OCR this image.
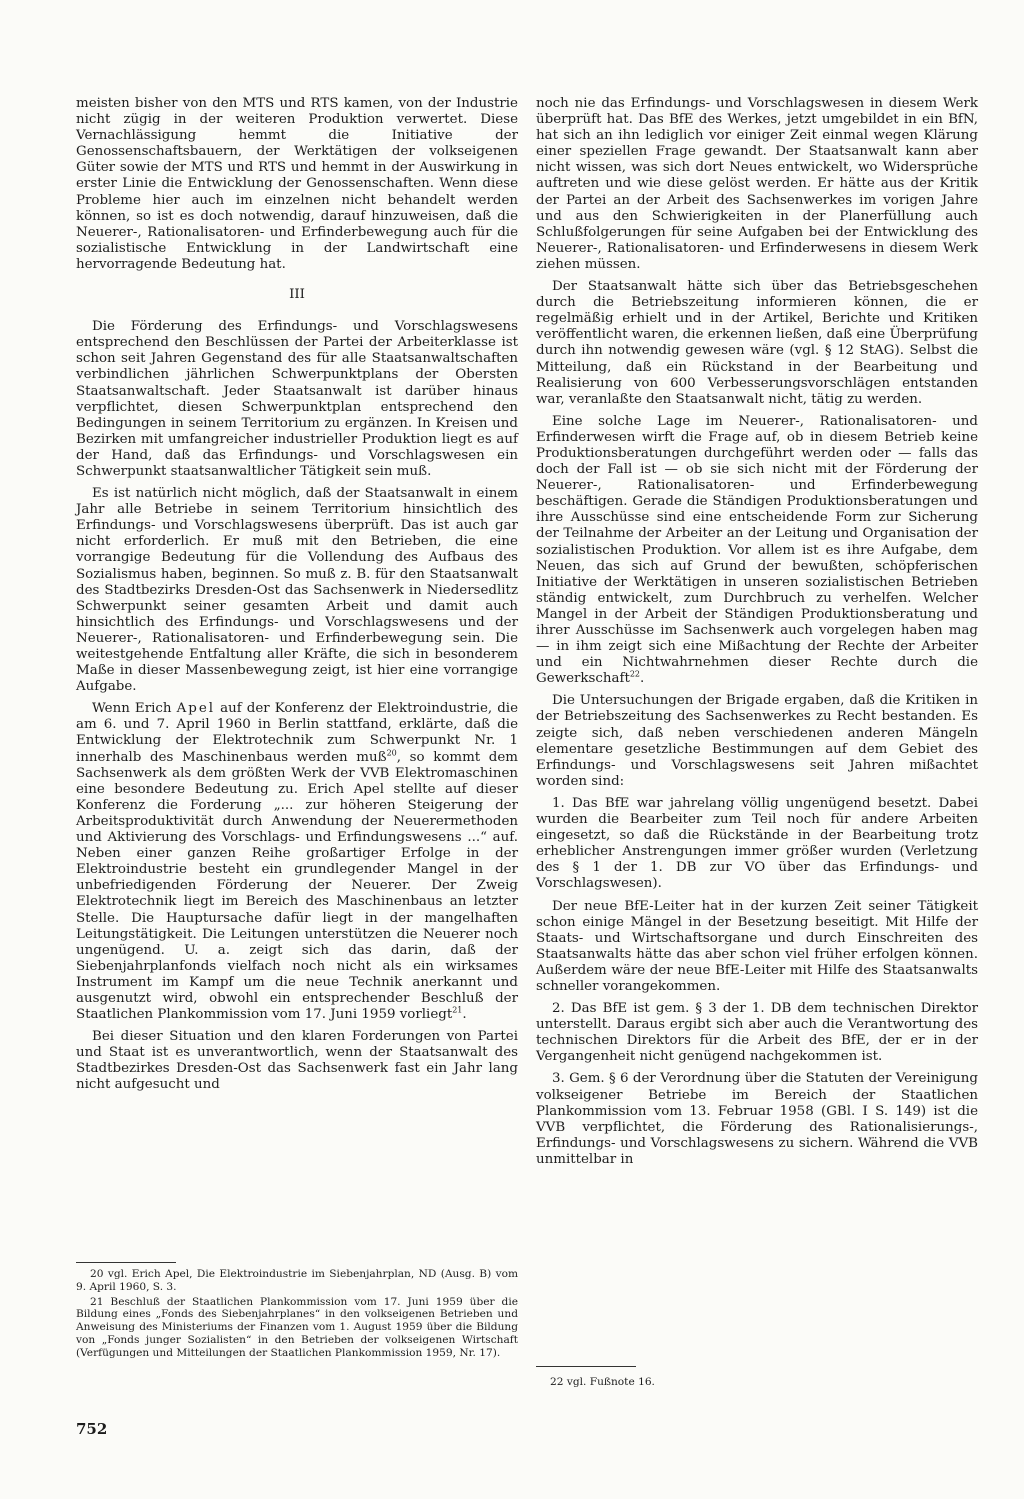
meisten bisher von den MTS und RTS kamen, von der Industrie nicht zügig in der weiteren Produktion verwertet. Diese Vernachlässigung hemmt die Initiative der Genossenschaftsbauern, der Werktätigen der volkseigenen Güter sowie der MTS und RTS und hemmt in der Auswirkung in erster Linie die Entwicklung der Genossenschaften. Wenn diese Probleme hier auch im einzelnen nicht behandelt werden können, so ist es doch notwendig, darauf hinzuweisen, daß die Neuerer-, Rationalisatoren- und Erfinderbewegung auch für die sozialistische Entwicklung in der Landwirtschaft eine hervorragende Bedeutung hat.

III

Die Förderung des Erfindungs- und Vorschlagswesens entsprechend den Beschlüssen der Partei der Arbeiterklasse ist schon seit Jahren Gegenstand des für alle Staatsanwaltschaften verbindlichen jährlichen Schwerpunktplans der Obersten Staatsanwaltschaft. Jeder Staatsanwalt ist darüber hinaus verpflichtet, diesen Schwerpunktplan entsprechend den Bedingungen in seinem Territorium zu ergänzen. In Kreisen und Bezirken mit umfangreicher industrieller Produktion liegt es auf der Hand, daß das Erfindungs- und Vorschlagswesen ein Schwerpunkt staatsanwaltlicher Tätigkeit sein muß.

Es ist natürlich nicht möglich, daß der Staatsanwalt in einem Jahr alle Betriebe in seinem Territorium hinsichtlich des Erfindungs- und Vorschlagswesens überprüft. Das ist auch gar nicht erforderlich. Er muß mit den Betrieben, die eine vorrangige Bedeutung für die Vollendung des Aufbaus des Sozialismus haben, beginnen. So muß z. B. für den Staatsanwalt des Stadtbezirks Dresden-Ost das Sachsenwerk in Niedersedlitz Schwerpunkt seiner gesamten Arbeit und damit auch hinsichtlich des Erfindungs- und Vorschlagswesens und der Neuerer-, Rationalisatoren- und Erfinderbewegung sein. Die weitestgehende Entfaltung aller Kräfte, die sich in besonderem Maße in dieser Massenbewegung zeigt, ist hier eine vorrangige Aufgabe.

Wenn Erich Apel auf der Konferenz der Elektroindustrie, die am 6. und 7. April 1960 in Berlin stattfand, erklärte, daß die Entwicklung der Elektrotechnik zum Schwerpunkt Nr. 1 innerhalb des Maschinenbaus werden muß$^{20}$, so kommt dem Sachsenwerk als dem größten Werk der VVB Elektromaschinen eine besondere Bedeutung zu. Erich Apel stellte auf dieser Konferenz die Forderung „... zur höheren Steigerung der Arbeitsproduktivität durch Anwendung der Neuerermethoden und Aktivierung des Vorschlags- und Erfindungswesens ...“ auf. Neben einer ganzen Reihe großartiger Erfolge in der Elektroindustrie besteht ein grundlegender Mangel in der unbefriedigenden Förderung der Neuerer. Der Zweig Elektrotechnik liegt im Bereich des Maschinenbaus an letzter Stelle. Die Hauptursache dafür liegt in der mangelhaften Leitungstätigkeit. Die Leitungen unterstützen die Neuerer noch ungenügend. U. a. zeigt sich das darin, daß der Siebenjahrplanfonds vielfach noch nicht als ein wirksames Instrument im Kampf um die neue Technik anerkannt und ausgenutzt wird, obwohl ein entsprechender Beschluß der Staatlichen Plankommission vom 17. Juni 1959 vorliegt$^{21}$.

Bei dieser Situation und den klaren Forderungen von Partei und Staat ist es unverantwortlich, wenn der Staatsanwalt des Stadtbezirkes Dresden-Ost das Sachsenwerk fast ein Jahr lang nicht aufgesucht und

noch nie das Erfindungs- und Vorschlagswesen in diesem Werk überprüft hat. Das BfE des Werkes, jetzt umgebildet in ein BfN, hat sich an ihn lediglich vor einiger Zeit einmal wegen Klärung einer speziellen Frage gewandt. Der Staatsanwalt kann aber nicht wissen, was sich dort Neues entwickelt, wo Widersprüche auftreten und wie diese gelöst werden. Er hätte aus der Kritik der Partei an der Arbeit des Sachsenwerkes im vorigen Jahre und aus den Schwierigkeiten in der Planerfüllung auch Schlußfolgerungen für seine Aufgaben bei der Entwicklung des Neuerer-, Rationalisatoren- und Erfinderwesens in diesem Werk ziehen müssen.

Der Staatsanwalt hätte sich über das Betriebsgeschehen durch die Betriebszeitung informieren können, die er regelmäßig erhielt und in der Artikel, Berichte und Kritiken veröffentlicht waren, die erkennen ließen, daß eine Überprüfung durch ihn notwendig gewesen wäre (vgl. § 12 StAG). Selbst die Mitteilung, daß ein Rückstand in der Bearbeitung und Realisierung von 600 Verbesserungsvorschlägen entstanden war, veranlaßte den Staatsanwalt nicht, tätig zu werden.

Eine solche Lage im Neuerer-, Rationalisatoren- und Erfinderwesen wirft die Frage auf, ob in diesem Betrieb keine Produktionsberatungen durchgeführt werden oder — falls das doch der Fall ist — ob sie sich nicht mit der Förderung der Neuerer-, Rationalisatoren- und Erfinderbewegung beschäftigen. Gerade die Ständigen Produktionsberatungen und ihre Ausschüsse sind eine entscheidende Form zur Sicherung der Teilnahme der Arbeiter an der Leitung und Organisation der sozialistischen Produktion. Vor allem ist es ihre Aufgabe, dem Neuen, das sich auf Grund der bewußten, schöpferischen Initiative der Werktätigen in unseren sozialistischen Betrieben ständig entwickelt, zum Durchbruch zu verhelfen. Welcher Mangel in der Arbeit der Ständigen Produktionsberatung und ihrer Ausschüsse im Sachsenwerk auch vorgelegen haben mag — in ihm zeigt sich eine Mißachtung der Rechte der Arbeiter und ein Nichtwahrnehmen dieser Rechte durch die Gewerkschaft$^{22}$.

Die Untersuchungen der Brigade ergaben, daß die Kritiken in der Betriebszeitung des Sachsenwerkes zu Recht bestanden. Es zeigte sich, daß neben verschiedenen anderen Mängeln elementare gesetzliche Bestimmungen auf dem Gebiet des Erfindungs- und Vorschlagswesens seit Jahren mißachtet worden sind:

1. Das BfE war jahrelang völlig ungenügend besetzt. Dabei wurden die Bearbeiter zum Teil noch für andere Arbeiten eingesetzt, so daß die Rückstände in der Bearbeitung trotz erheblicher Anstrengungen immer größer wurden (Verletzung des § 1 der 1. DB zur VO über das Erfindungs- und Vorschlagswesen).

Der neue BfE-Leiter hat in der kurzen Zeit seiner Tätigkeit schon einige Mängel in der Besetzung beseitigt. Mit Hilfe der Staats- und Wirtschaftsorgane und durch Einschreiten des Staatsanwalts hätte das aber schon viel früher erfolgen können. Außerdem wäre der neue BfE-Leiter mit Hilfe des Staatsanwalts schneller vorangekommen.

2. Das BfE ist gem. § 3 der 1. DB dem technischen Direktor unterstellt. Daraus ergibt sich aber auch die Verantwortung des technischen Direktors für die Arbeit des BfE, der er in der Vergangenheit nicht genügend nachgekommen ist.

3. Gem. § 6 der Verordnung über die Statuten der Vereinigung volkseigener Betriebe im Bereich der Staatlichen Plankommission vom 13. Februar 1958 (GBl. I S. 149) ist die VVB verpflichtet, die Förderung des Rationalisierungs-, Erfindungs- und Vorschlagswesens zu sichern. Während die VVB unmittelbar in

20 vgl. Erich Apel, Die Elektroindustrie im Siebenjahrplan, ND (Ausg. B) vom 9. April 1960, S. 3.

21 Beschluß der Staatlichen Plankommission vom 17. Juni 1959 über die Bildung eines „Fonds des Siebenjahrplanes“ in den volkseigenen Betrieben und Anweisung des Ministeriums der Finanzen vom 1. August 1959 über die Bildung von „Fonds junger Sozialisten“ in den Betrieben der volkseigenen Wirtschaft (Verfügungen und Mitteilungen der Staatlichen Plankommission 1959, Nr. 17).

22 vgl. Fußnote 16.

752
